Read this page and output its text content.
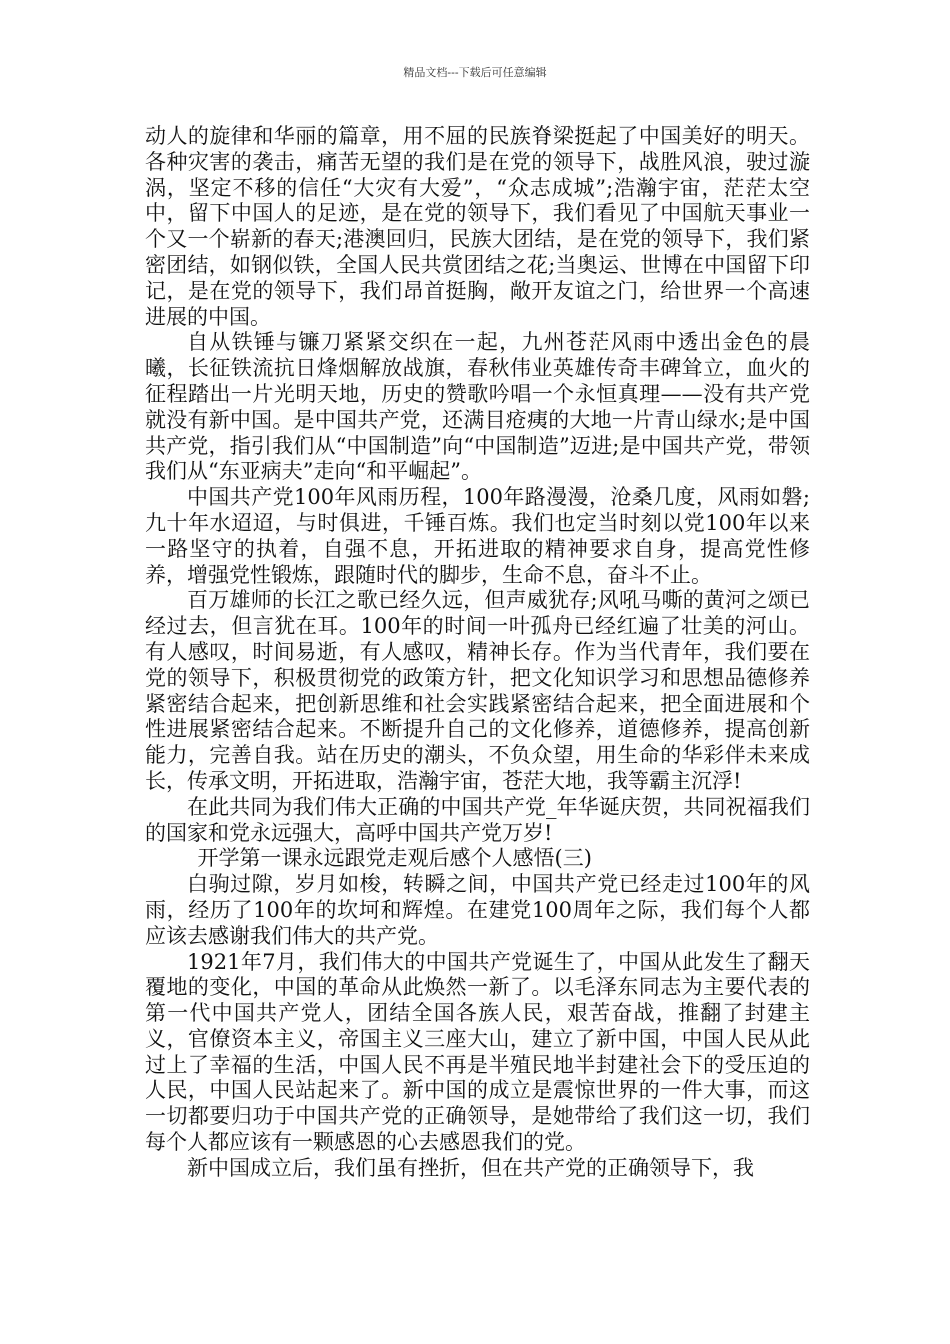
精品文档---下载后可任意编辑

动人的旋律和华丽的篇章，用不屈的民族脊梁挺起了中国美好的明天。各种灾害的袭击，痛苦无望的我们是在党的领导下，战胜风浪，驶过漩涡，坚定不移的信任“大灾有大爱”，“众志成城”;浩瀚宇宙，茫茫太空中，留下中国人的足迹，是在党的领导下，我们看见了中国航天事业一个又一个崭新的春天;港澳回归，民族大团结，是在党的领导下，我们紧密团结，如钢似铁，全国人民共赏团结之花;当奥运、世博在中国留下印记，是在党的领导下，我们昂首挺胸，敞开友谊之门，给世界一个高速进展的中国。

自从铁锤与镰刀紧紧交织在一起，九州苍茫风雨中透出金色的晨曦，长征铁流抗日烽烟解放战旗，春秋伟业英雄传奇丰碑耸立，血火的征程踏出一片光明天地，历史的赞歌吟唱一个永恒真理——没有共产党就没有新中国。是中国共产党，还满目疮痍的大地一片青山绿水;是中国共产党，指引我们从“中国制造”向“中国制造”迈进;是中国共产党，带领我们从“东亚病夫”走向“和平崛起”。

中国共产党100年风雨历程，100年路漫漫，沧桑几度，风雨如磐;九十年水迢迢，与时俱进，千锤百炼。我们也定当时刻以党100年以来一路坚守的执着，自强不息，开拓进取的精神要求自身，提高党性修养，增强党性锻炼，跟随时代的脚步，生命不息，奋斗不止。

百万雄师的长江之歌已经久远，但声威犹存;风吼马嘶的黄河之颂已经过去，但言犹在耳。100年的时间一叶孤舟已经红遍了壮美的河山。有人感叹，时间易逝，有人感叹，精神长存。作为当代青年，我们要在党的领导下，积极贯彻党的政策方针，把文化知识学习和思想品德修养紧密结合起来，把创新思维和社会实践紧密结合起来，把全面进展和个性进展紧密结合起来。不断提升自己的文化修养，道德修养，提高创新能力，完善自我。站在历史的潮头，不负众望，用生命的华彩伴未来成长，传承文明，开拓进取，浩瀚宇宙，苍茫大地，我等霸主沉浮!

在此共同为我们伟大正确的中国共产党_年华诞庆贺，共同祝福我们的国家和党永远强大，高呼中国共产党万岁!

开学第一课永远跟党走观后感个人感悟(三)

白驹过隙，岁月如梭，转瞬之间，中国共产党已经走过100年的风雨，经历了100年的坎坷和辉煌。在建党100周年之际，我们每个人都应该去感谢我们伟大的共产党。

1921年7月，我们伟大的中国共产党诞生了，中国从此发生了翻天覆地的变化，中国的革命从此焕然一新了。以毛泽东同志为主要代表的第一代中国共产党人，团结全国各族人民，艰苦奋战，推翻了封建主义，官僚资本主义，帝国主义三座大山，建立了新中国，中国人民从此过上了幸福的生活，中国人民不再是半殖民地半封建社会下的受压迫的人民，中国人民站起来了。新中国的成立是震惊世界的一件大事，而这一切都要归功于中国共产党的正确领导，是她带给了我们这一切，我们每个人都应该有一颗感恩的心去感恩我们的党。

新中国成立后，我们虽有挫折，但在共产党的正确领导下，我
